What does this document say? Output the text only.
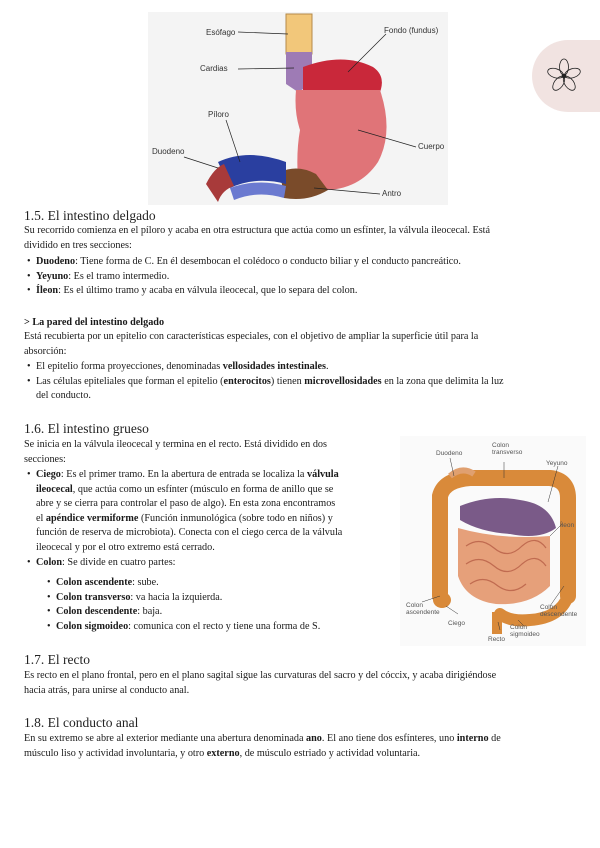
Esófago	Fondo (fundus)
Cardias
Píloro
Duodeno
Cuerpo
Antro
1.5. El intestino delgado

Su recorrido comienza en el píloro y acaba en otra estructura que actúa como un esfínter, la válvula ileocecal. Está
dividido en tres secciones:

• Duodeno: Tiene forma de C. En él desembocan el colédoco o conducto biliar y el conducto pancreático.
• Yeyuno: Es el tramo intermedio.
• Íleon: Es el último tramo y acaba en válvula ileocecal, que lo separa del colon.

> La pared del intestino delgado

Está recubierta por un epitelio con características especiales, con el objetivo de ampliar la superficie útil para la
absorción:

• El epitelio forma proyecciones, denominadas vellosidades intestinales.
• Las células epiteliales que forman el epitelio (enterocitos) tienen microvellosidades en la zona que delimita la luz
del conducto.
1.6. El intestino grueso

Se inicia en la válvula ileocecal y termina en el recto. Está dividido en dos
secciones:

• Ciego: Es el primer tramo. En la abertura de entrada se localiza la válvula
ileocecal, que actúa como un esfínter (músculo en forma de anillo que se
abre y se cierra para controlar el paso de algo). En esta zona encontramos
el apéndice vermiforme (Función inmunológica (sobre todo en niños) y
función de reserva de microbiota). Conecta con el ciego cerca de la válvula
ileocecal y por el otro extremo está cerrado.
• Colon: Se divide en cuatro partes:
• Colon ascendente: sube.
• Colon transverso: va hacia la izquierda.
• Colon descendente: baja.
• Colon sigmoideo: comunica con el recto y tiene una forma de S.
Duodeno
Colon
transverso
Yeyuno
Íleon
Colon
ascendente
Ciego
Recto
Colon
sigmoideo
Colon
descendente
1.7. El recto

Es recto en el plano frontal, pero en el plano sagital sigue las curvaturas del sacro y del cóccix, y acaba dirigiéndose
hacia atrás, para unirse al conducto anal.

1.8. El conducto anal

En su extremo se abre al exterior mediante una abertura denominada ano. El ano tiene dos esfínteres, uno interno de
músculo liso y actividad involuntaria, y otro externo, de músculo estriado y actividad voluntaria.
